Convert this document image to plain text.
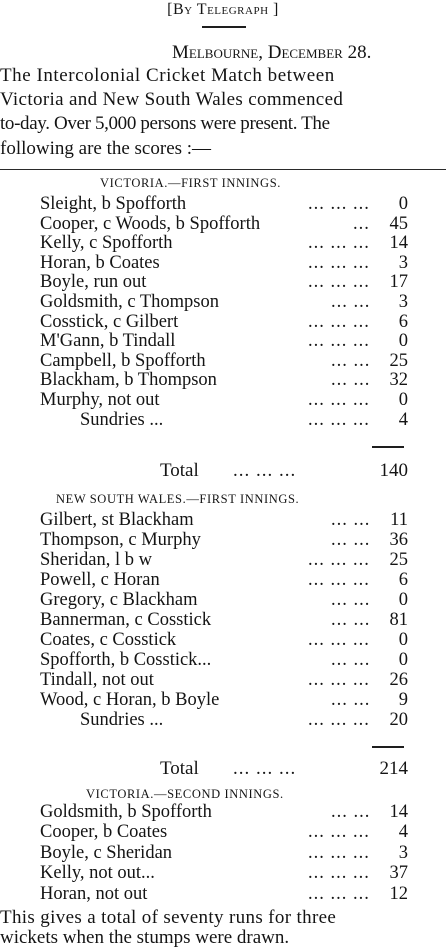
[By Telegraph ]
Melbourne, December 28.
The Intercolonial Cricket Match between
Victoria and New South Wales commenced
to-day. Over 5,000 persons were present. The
following are the scores :—
VICTORIA.—FIRST INNINGS.
Sleight, b Spofforth	... ... ... 0
Cooper, c Woods, b Spofforth	... 45
Kelly, c Spofforth	... ... ... 14
Horan, b Coates	... ... ... 3
Boyle, run out	... ... ... 17
Goldsmith, c Thompson	... ... 3
Cosstick, c Gilbert	... ... ... 6
M'Gann, b Tindall	... ... ... 0
Campbell, b Spofforth	... ... 25
Blackham, b Thompson	... ... 32
Murphy, not out	... ... ... 0
Sundries ...	... ... ... 4
Total ... ... ...	140
NEW SOUTH WALES.—FIRST INNINGS.
Gilbert, st Blackham	... ... 11
Thompson, c Murphy	... ... 36
Sheridan, l b w	... ... ... 25
Powell, c Horan	... ... ... 6
Gregory, c Blackham	... ... 0
Bannerman, c Cosstick	... ... 81
Coates, c Cosstick	... ... ... 0
Spofforth, b Cosstick...	... ... 0
Tindall, not out	... ... ... 26
Wood, c Horan, b Boyle	... ... 9
Sundries ...	... ... ... 20
Total ... ... ...	214
VICTORIA.—SECOND INNINGS.
Goldsmith, b Spofforth	... ... 14
Cooper, b Coates	... ... ... 4
Boyle, c Sheridan	... ... ... 3
Kelly, not out...	... ... ... 37
Horan, not out	... ... ... 12
This gives a total of seventy runs for three
wickets when the stumps were drawn.
